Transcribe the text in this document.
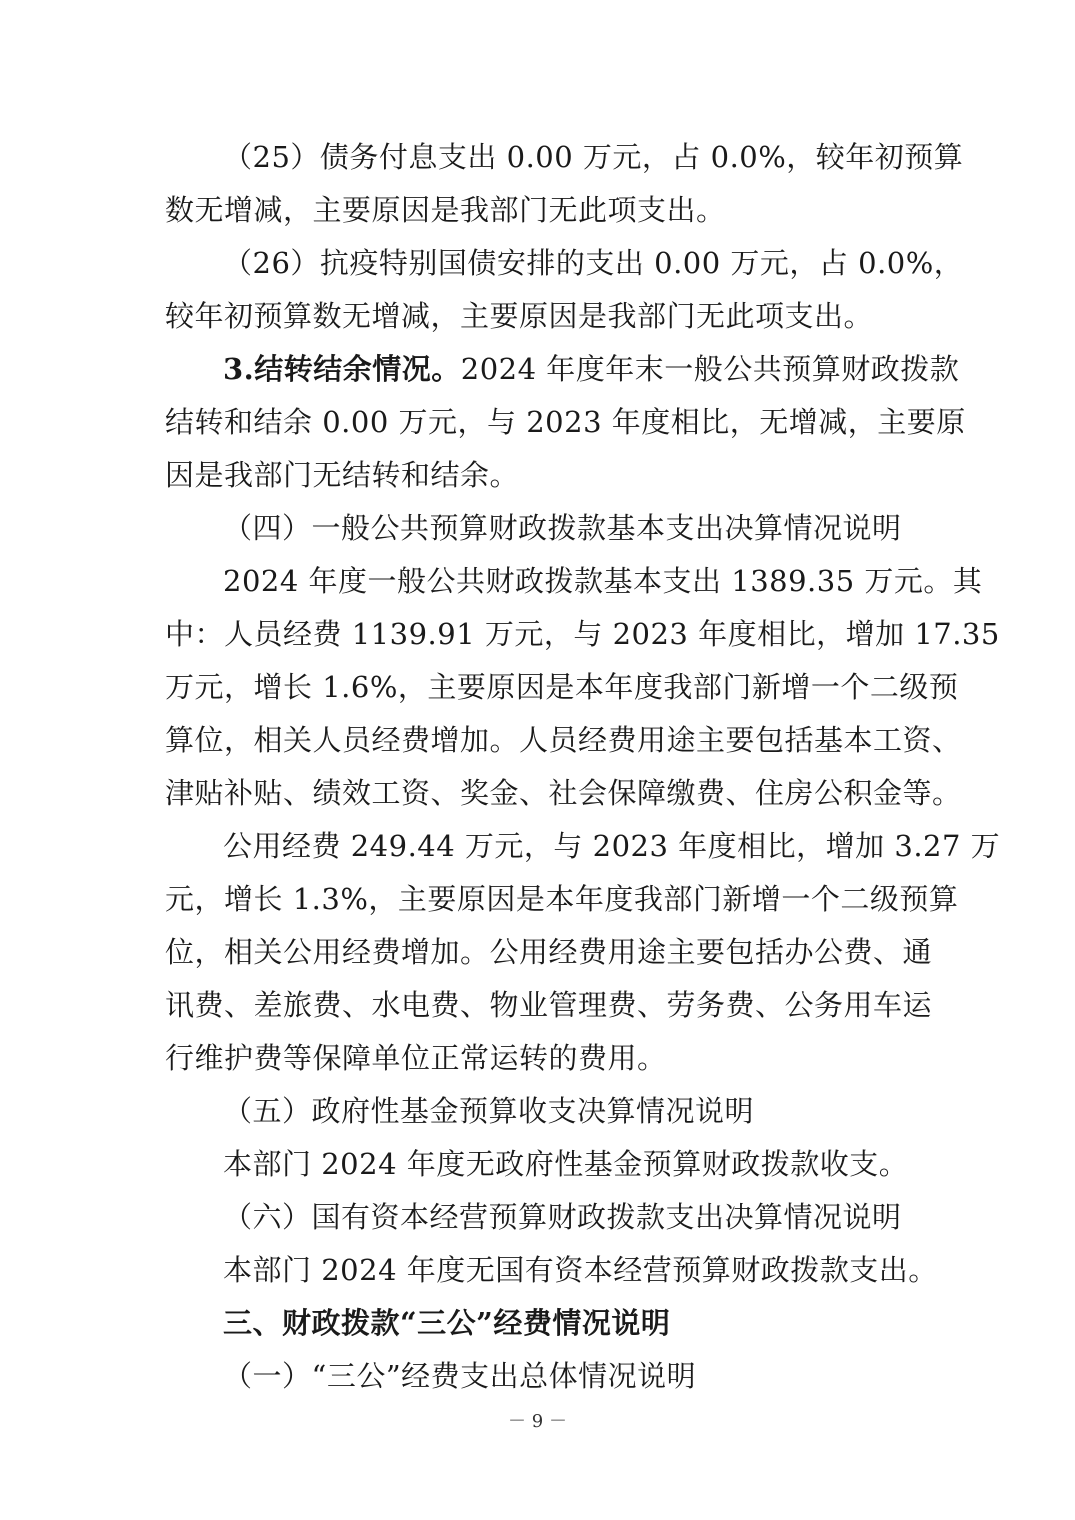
（25）债务付息支出 0.00 万元，占 0.0%，较年初预算
数无增减，主要原因是我部门无此项支出。
（26）抗疫特别国债安排的支出 0.00 万元，占 0.0%，
较年初预算数无增减，主要原因是我部门无此项支出。
3.结转结余情况。2024 年度年末一般公共预算财政拨款
结转和结余 0.00 万元，与 2023 年度相比，无增减，主要原
因是我部门无结转和结余。
（四）一般公共预算财政拨款基本支出决算情况说明
2024 年度一般公共财政拨款基本支出 1389.35 万元。其
中：人员经费 1139.91 万元，与 2023 年度相比，增加 17.35
万元，增长 1.6%，主要原因是本年度我部门新增一个二级预
算位，相关人员经费增加。人员经费用途主要包括基本工资、
津贴补贴、绩效工资、奖金、社会保障缴费、住房公积金等。
公用经费 249.44 万元，与 2023 年度相比，增加 3.27 万
元，增长 1.3%，主要原因是本年度我部门新增一个二级预算
位，相关公用经费增加。公用经费用途主要包括办公费、通
讯费、差旅费、水电费、物业管理费、劳务费、公务用车运
行维护费等保障单位正常运转的费用。
（五）政府性基金预算收支决算情况说明
本部门 2024 年度无政府性基金预算财政拨款收支。
（六）国有资本经营预算财政拨款支出决算情况说明
本部门 2024 年度无国有资本经营预算财政拨款支出。
三、财政拨款“三公”经费情况说明
（一）“三公”经费支出总体情况说明
－ 9 －
